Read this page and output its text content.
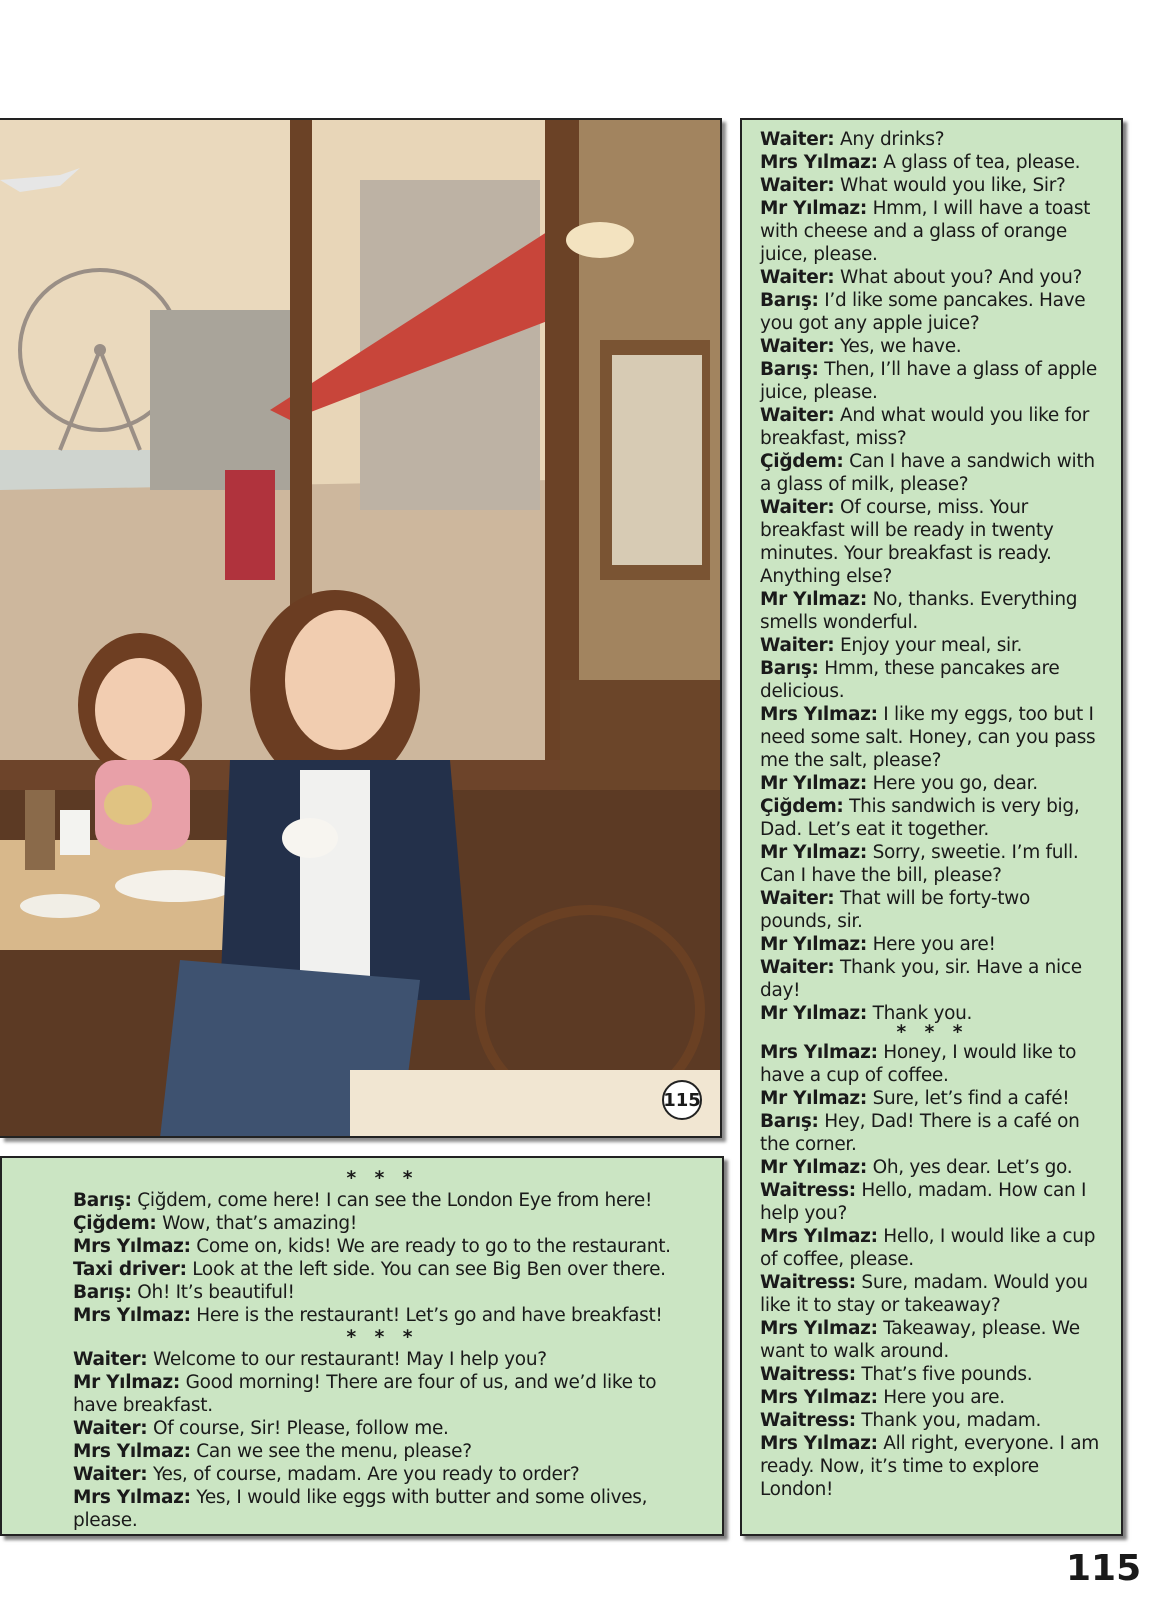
115

* * *

Barış: Çiğdem, come here! I can see the London Eye from here!

Çiğdem: Wow, that’s amazing!

Mrs Yılmaz: Come on, kids! We are ready to go to the restaurant.

Taxi driver: Look at the left side. You can see Big Ben over there.

Barış: Oh! It’s beautiful!

Mrs Yılmaz: Here is the restaurant! Let’s go and have breakfast!

* * *

Waiter: Welcome to our restaurant! May I help you?

Mr Yılmaz: Good morning! There are four of us, and we’d like to have breakfast.

Waiter: Of course, Sir! Please, follow me.

Mrs Yılmaz: Can we see the menu, please?

Waiter: Yes, of course, madam. Are you ready to order?

Mrs Yılmaz: Yes, I would like eggs with butter and some olives, please.

Waiter: Any drinks?

Mrs Yılmaz: A glass of tea, please.

Waiter: What would you like, Sir?

Mr Yılmaz: Hmm, I will have a toast with cheese and a glass of orange juice, please.

Waiter: What about you? And you?

Barış: I’d like some pancakes. Have you got any apple juice?

Waiter: Yes, we have.

Barış: Then, I’ll have a glass of apple juice, please.

Waiter: And what would you like for breakfast, miss?

Çiğdem: Can I have a sandwich with a glass of milk, please?

Waiter: Of course, miss. Your breakfast will be ready in twenty minutes. Your breakfast is ready. Anything else?

Mr Yılmaz: No, thanks. Everything smells wonderful.

Waiter: Enjoy your meal, sir.

Barış: Hmm, these pancakes are delicious.

Mrs Yılmaz: I like my eggs, too but I need some salt. Honey, can you pass me the salt, please?

Mr Yılmaz: Here you go, dear.

Çiğdem: This sandwich is very big, Dad. Let’s eat it together.

Mr Yılmaz: Sorry, sweetie. I’m full. Can I have the bill, please?

Waiter: That will be forty-two pounds, sir.

Mr Yılmaz: Here you are!

Waiter: Thank you, sir. Have a nice day!

Mr Yılmaz: Thank you.

* * *

Mrs Yılmaz: Honey, I would like to have a cup of coffee.

Mr Yılmaz: Sure, let’s find a café!

Barış: Hey, Dad! There is a café on the corner.

Mr Yılmaz: Oh, yes dear. Let’s go.

Waitress: Hello, madam. How can I help you?

Mrs Yılmaz: Hello, I would like a cup of coffee, please.

Waitress: Sure, madam. Would you like it to stay or takeaway?

Mrs Yılmaz: Takeaway, please. We want to walk around.

Waitress: That’s five pounds.

Mrs Yılmaz: Here you are.

Waitress: Thank you, madam.

Mrs Yılmaz: All right, everyone. I am ready. Now, it’s time to explore London!

115
